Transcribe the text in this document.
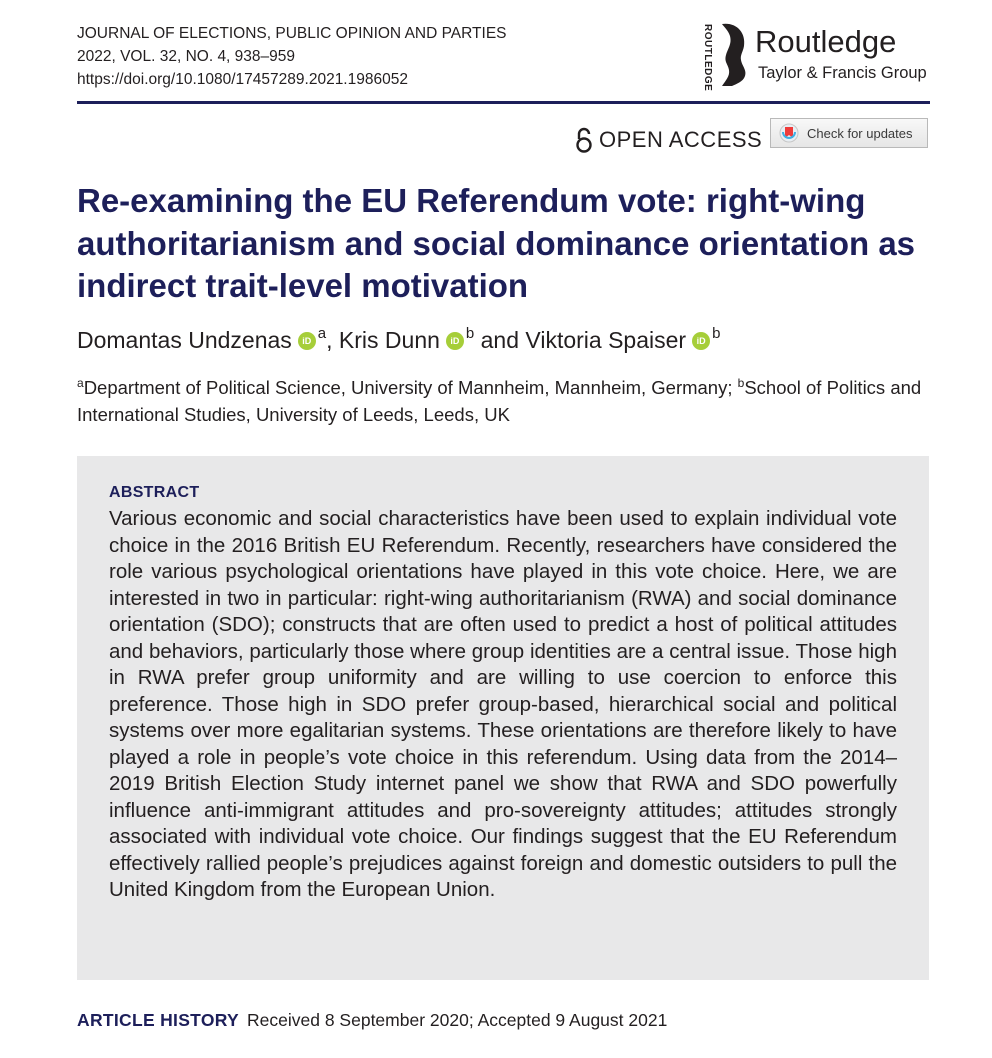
JOURNAL OF ELECTIONS, PUBLIC OPINION AND PARTIES
2022, VOL. 32, NO. 4, 938–959
https://doi.org/10.1080/17457289.2021.1986052	ROUTLEDGE Routledge
Taylor & Francis Group
OPEN ACCESS	Check for updates
Re-examining the EU Referendum vote: right-wing authoritarianism and social dominance orientation as indirect trait-level motivation
Domantas Undzenas iD $^a$, Kris Dunn iD $^b$ and Viktoria Spaiser iD $^b$
$^a$Department of Political Science, University of Mannheim, Mannheim, Germany; $^b$School of Politics and International Studies, University of Leeds, Leeds, UK
ABSTRACT

Various economic and social characteristics have been used to explain individual vote choice in the 2016 British EU Referendum. Recently, researchers have considered the role various psychological orientations have played in this vote choice. Here, we are interested in two in particular: right-wing authoritarianism (RWA) and social dominance orientation (SDO); constructs that are often used to predict a host of political attitudes and behaviors, particularly those where group identities are a central issue. Those high in RWA prefer group uniformity and are willing to use coercion to enforce this preference. Those high in SDO prefer group-based, hierarchical social and political systems over more egalitarian systems. These orientations are therefore likely to have played a role in people’s vote choice in this referendum. Using data from the 2014–2019 British Election Study internet panel we show that RWA and SDO powerfully influence anti-immigrant attitudes and pro-sovereignty attitudes; attitudes strongly associated with individual vote choice. Our findings suggest that the EU Referendum effectively rallied people’s prejudices against foreign and domestic outsiders to pull the United Kingdom from the European Union.

ARTICLE HISTORY Received 8 September 2020; Accepted 9 August 2021
